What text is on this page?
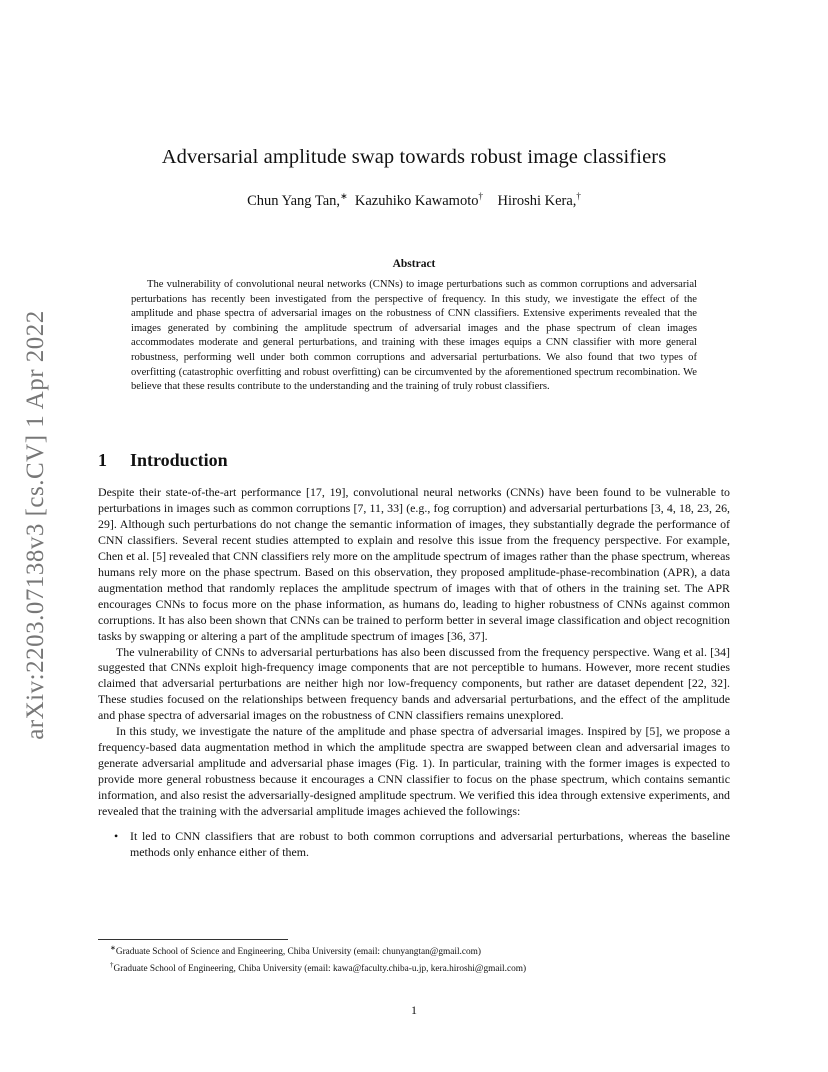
arXiv:2203.07138v3 [cs.CV] 1 Apr 2022
Adversarial amplitude swap towards robust image classifiers
Chun Yang Tan,∗ Kazuhiko Kawamoto† Hiroshi Kera,†
Abstract
The vulnerability of convolutional neural networks (CNNs) to image perturbations such as common corruptions and adversarial perturbations has recently been investigated from the perspective of frequency. In this study, we investigate the effect of the amplitude and phase spectra of adversarial images on the robustness of CNN classifiers. Extensive experiments revealed that the images generated by combining the amplitude spectrum of adversarial images and the phase spectrum of clean images accommodates moderate and general perturbations, and training with these images equips a CNN classifier with more general robustness, performing well under both common corruptions and adversarial perturbations. We also found that two types of overfitting (catastrophic overfitting and robust overfitting) can be circumvented by the aforementioned spectrum recombination. We believe that these results contribute to the understanding and the training of truly robust classifiers.
1 Introduction

Despite their state-of-the-art performance [17, 19], convolutional neural networks (CNNs) have been found to be vulnerable to perturbations in images such as common corruptions [7, 11, 33] (e.g., fog corruption) and adversarial perturbations [3, 4, 18, 23, 26, 29]. Although such perturbations do not change the semantic information of images, they substantially degrade the performance of CNN classifiers. Several recent studies attempted to explain and resolve this issue from the frequency perspective. For example, Chen et al. [5] revealed that CNN classifiers rely more on the amplitude spectrum of images rather than the phase spectrum, whereas humans rely more on the phase spectrum. Based on this observation, they proposed amplitude-phase-recombination (APR), a data augmentation method that randomly replaces the amplitude spectrum of images with that of others in the training set. The APR encourages CNNs to focus more on the phase information, as humans do, leading to higher robustness of CNNs against common corruptions. It has also been shown that CNNs can be trained to perform better in several image classification and object recognition tasks by swapping or altering a part of the amplitude spectrum of images [36, 37].

The vulnerability of CNNs to adversarial perturbations has also been discussed from the frequency perspective. Wang et al. [34] suggested that CNNs exploit high-frequency image components that are not perceptible to humans. However, more recent studies claimed that adversarial perturbations are neither high nor low-frequency components, but rather are dataset dependent [22, 32]. These studies focused on the relationships between frequency bands and adversarial perturbations, and the effect of the amplitude and phase spectra of adversarial images on the robustness of CNN classifiers remains unexplored.

In this study, we investigate the nature of the amplitude and phase spectra of adversarial images. Inspired by [5], we propose a frequency-based data augmentation method in which the amplitude spectra are swapped between clean and adversarial images to generate adversarial amplitude and adversarial phase images (Fig. 1). In particular, training with the former images is expected to provide more general robustness because it encourages a CNN classifier to focus on the phase spectrum, which contains semantic information, and also resist the adversarially-designed amplitude spectrum. We verified this idea through extensive experiments, and revealed that the training with the adversarial amplitude images achieved the followings:

• It led to CNN classifiers that are robust to both common corruptions and adversarial perturbations, whereas the baseline methods only enhance either of them.
∗Graduate School of Science and Engineering, Chiba University (email: chunyangtan@gmail.com)
†Graduate School of Engineering, Chiba University (email: kawa@faculty.chiba-u.jp, kera.hiroshi@gmail.com)
1
